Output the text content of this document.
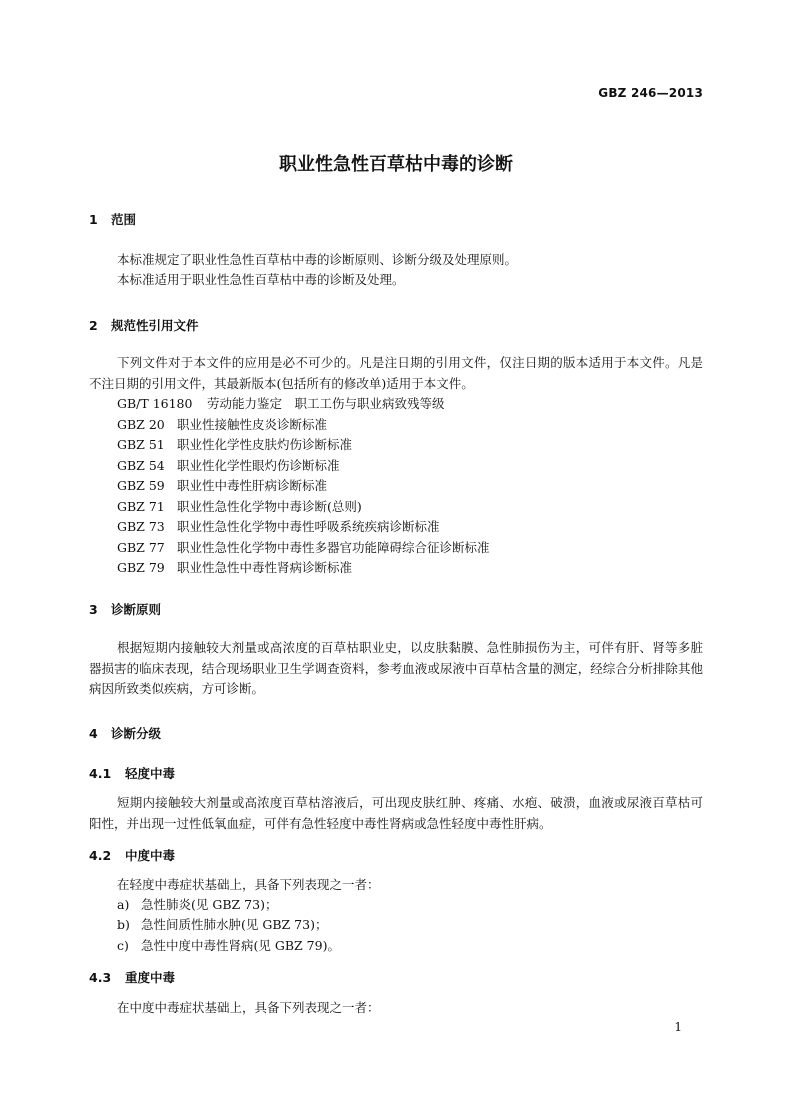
GBZ 246—2013
职业性急性百草枯中毒的诊断
1 范围
本标准规定了职业性急性百草枯中毒的诊断原则、诊断分级及处理原则。
本标准适用于职业性急性百草枯中毒的诊断及处理。
2 规范性引用文件
下列文件对于本文件的应用是必不可少的。凡是注日期的引用文件，仅注日期的版本适用于本文件。凡是不注日期的引用文件，其最新版本(包括所有的修改单)适用于本文件。
GB/T 16180 劳动能力鉴定　职工工伤与职业病致残等级
GBZ 20 职业性接触性皮炎诊断标准
GBZ 51 职业性化学性皮肤灼伤诊断标准
GBZ 54 职业性化学性眼灼伤诊断标准
GBZ 59 职业性中毒性肝病诊断标准
GBZ 71 职业性急性化学物中毒诊断(总则)
GBZ 73 职业性急性化学物中毒性呼吸系统疾病诊断标准
GBZ 77 职业性急性化学物中毒性多器官功能障碍综合征诊断标准
GBZ 79 职业性急性中毒性肾病诊断标准
3 诊断原则
根据短期内接触较大剂量或高浓度的百草枯职业史，以皮肤黏膜、急性肺损伤为主，可伴有肝、肾等多脏器损害的临床表现，结合现场职业卫生学调查资料，参考血液或尿液中百草枯含量的测定，经综合分析排除其他病因所致类似疾病，方可诊断。
4 诊断分级
4.1 轻度中毒
短期内接触较大剂量或高浓度百草枯溶液后，可出现皮肤红肿、疼痛、水疱、破溃，血液或尿液百草枯可阳性，并出现一过性低氧血症，可伴有急性轻度中毒性肾病或急性轻度中毒性肝病。
4.2 中度中毒
在轻度中毒症状基础上，具备下列表现之一者：
a) 急性肺炎(见 GBZ 73)；
b) 急性间质性肺水肿(见 GBZ 73)；
c) 急性中度中毒性肾病(见 GBZ 79)。
4.3 重度中毒
在中度中毒症状基础上，具备下列表现之一者：
1
